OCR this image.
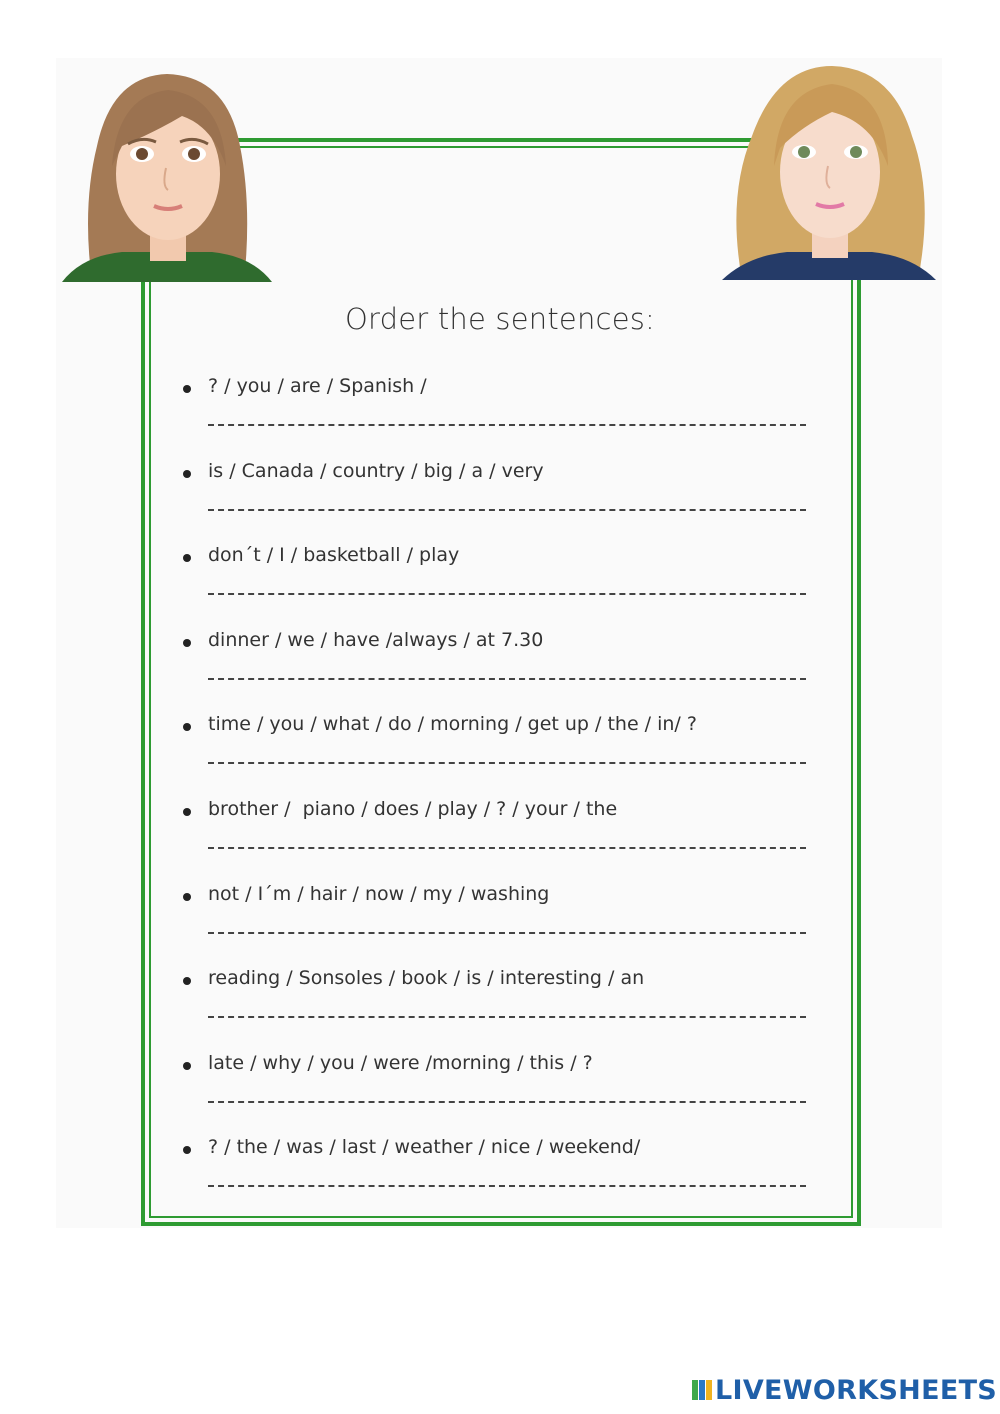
Order the sentences:
? / you / are / Spanish /
is / Canada / country / big / a / very
don´t / I / basketball / play
dinner / we / have /always / at 7.30
time / you / what / do / morning / get up / the / in/ ?
brother /  piano / does / play / ? / your / the
not / I´m / hair / now / my / washing
reading / Sonsoles / book / is / interesting / an
late / why / you / were /morning / this / ?
? / the / was / last / weather / nice / weekend/
LIVEWORKSHEETS
